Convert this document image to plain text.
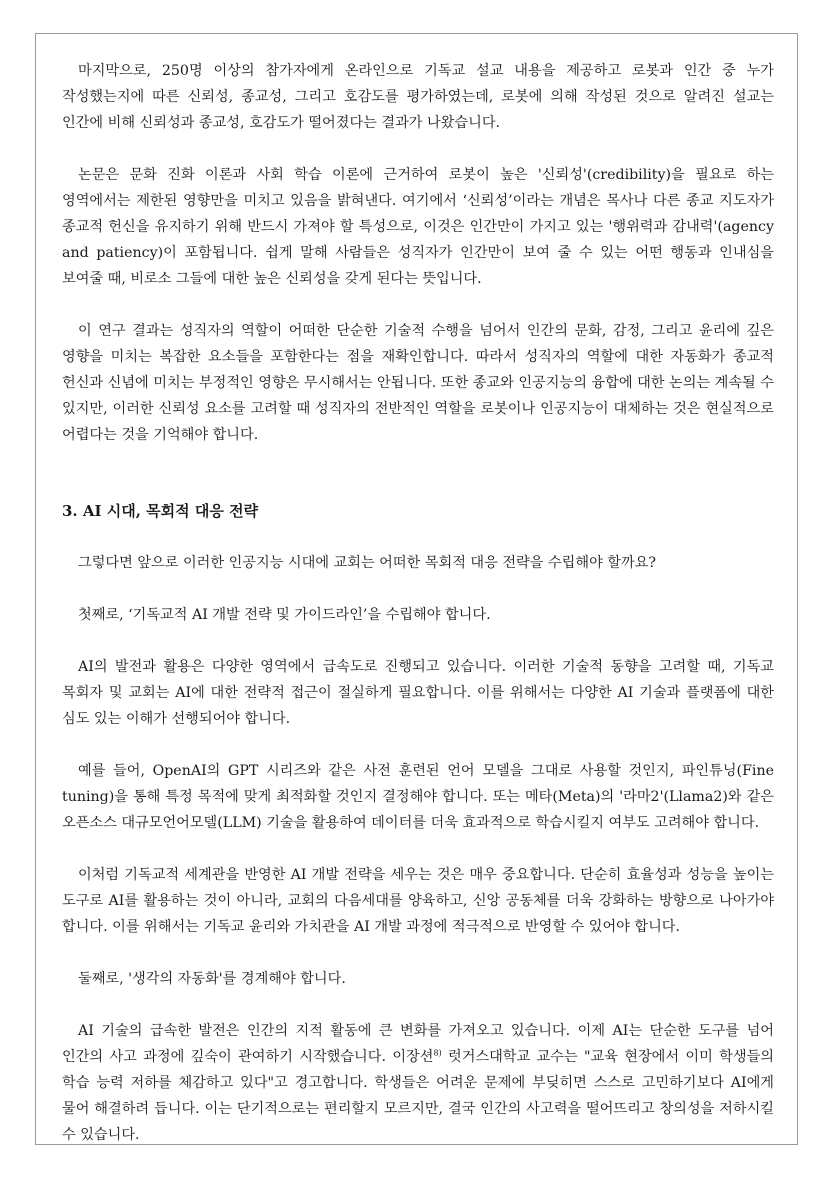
마지막으로, 250명 이상의 참가자에게 온라인으로 기독교 설교 내용을 제공하고 로봇과 인간 중 누가 작성했는지에 따른 신뢰성, 종교성, 그리고 호감도를 평가하였는데, 로봇에 의해 작성된 것으로 알려진 설교는 인간에 비해 신뢰성과 종교성, 호감도가 떨어졌다는 결과가 나왔습니다.

논문은 문화 진화 이론과 사회 학습 이론에 근거하여 로봇이 높은 '신뢰성'(credibility)을 필요로 하는 영역에서는 제한된 영향만을 미치고 있음을 밝혀낸다. 여기에서 ‘신뢰성’이라는 개념은 목사나 다른 종교 지도자가 종교적 헌신을 유지하기 위해 반드시 가져야 할 특성으로, 이것은 인간만이 가지고 있는 '행위력과 감내력'(agency and patiency)이 포함됩니다. 쉽게 말해 사람들은 성직자가 인간만이 보여 줄 수 있는 어떤 행동과 인내심을 보여줄 때, 비로소 그들에 대한 높은 신뢰성을 갖게 된다는 뜻입니다.

이 연구 결과는 성직자의 역할이 어떠한 단순한 기술적 수행을 넘어서 인간의 문화, 감정, 그리고 윤리에 깊은 영향을 미치는 복잡한 요소들을 포함한다는 점을 재확인합니다. 따라서 성직자의 역할에 대한 자동화가 종교적 헌신과 신념에 미치는 부정적인 영향은 무시해서는 안됩니다. 또한 종교와 인공지능의 융합에 대한 논의는 계속될 수 있지만, 이러한 신뢰성 요소를 고려할 때 성직자의 전반적인 역할을 로봇이나 인공지능이 대체하는 것은 현실적으로 어렵다는 것을 기억해야 합니다.

3. AI 시대, 목회적 대응 전략

그렇다면 앞으로 이러한 인공지능 시대에 교회는 어떠한 목회적 대응 전략을 수립해야 할까요?

첫째로, ‘기독교적 AI 개발 전략 및 가이드라인’을 수립해야 합니다.

AI의 발전과 활용은 다양한 영역에서 급속도로 진행되고 있습니다. 이러한 기술적 동향을 고려할 때, 기독교 목회자 및 교회는 AI에 대한 전략적 접근이 절실하게 필요합니다. 이를 위해서는 다양한 AI 기술과 플랫폼에 대한 심도 있는 이해가 선행되어야 합니다.

예를 들어, OpenAI의 GPT 시리즈와 같은 사전 훈련된 언어 모델을 그대로 사용할 것인지, 파인튜닝(Fine tuning)을 통해 특정 목적에 맞게 최적화할 것인지 결정해야 합니다. 또는 메타(Meta)의 '라마2'(Llama2)와 같은 오픈소스 대규모언어모델(LLM) 기술을 활용하여 데이터를 더욱 효과적으로 학습시킬지 여부도 고려해야 합니다.

이처럼 기독교적 세계관을 반영한 AI 개발 전략을 세우는 것은 매우 중요합니다. 단순히 효율성과 성능을 높이는 도구로 AI를 활용하는 것이 아니라, 교회의 다음세대를 양육하고, 신앙 공동체를 더욱 강화하는 방향으로 나아가야 합니다. 이를 위해서는 기독교 윤리와 가치관을 AI 개발 과정에 적극적으로 반영할 수 있어야 합니다.

둘째로, '생각의 자동화'를 경계해야 합니다.

AI 기술의 급속한 발전은 인간의 지적 활동에 큰 변화를 가져오고 있습니다. 이제 AI는 단순한 도구를 넘어 인간의 사고 과정에 깊숙이 관여하기 시작했습니다. 이장션$^{8)}$ 럿거스대학교 교수는 "교육 현장에서 이미 학생들의 학습 능력 저하를 체감하고 있다"고 경고합니다. 학생들은 어려운 문제에 부딪히면 스스로 고민하기보다 AI에게 물어 해결하려 듭니다. 이는 단기적으로는 편리할지 모르지만, 결국 인간의 사고력을 떨어뜨리고 창의성을 저하시킬 수 있습니다.
